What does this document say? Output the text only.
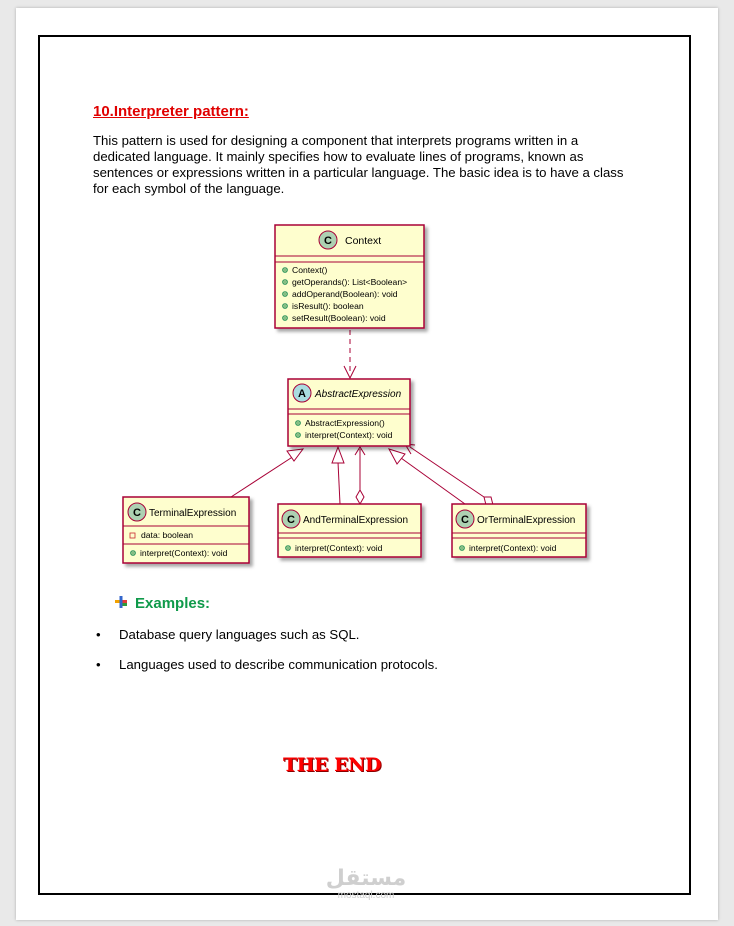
10.Interpreter pattern:
This pattern is used for designing a component that interprets programs written in a dedicated language. It mainly specifies how to evaluate lines of programs, known as sentences or expressions written in a particular language. The basic idea is to have a class for each symbol of the language.
C Context
Context()
getOperands(): List<Boolean>
addOperand(Boolean): void
isResult(): boolean
setResult(Boolean): void
A AbstractExpression
AbstractExpression()
interpret(Context): void
C TerminalExpression
data: boolean
interpret(Context): void
C AndTerminalExpression
interpret(Context): void
C OrTerminalExpression
interpret(Context): void
Examples:
• Database query languages such as SQL.
• Languages used to describe communication protocols.
THE END
مستقل
mostaql.com
